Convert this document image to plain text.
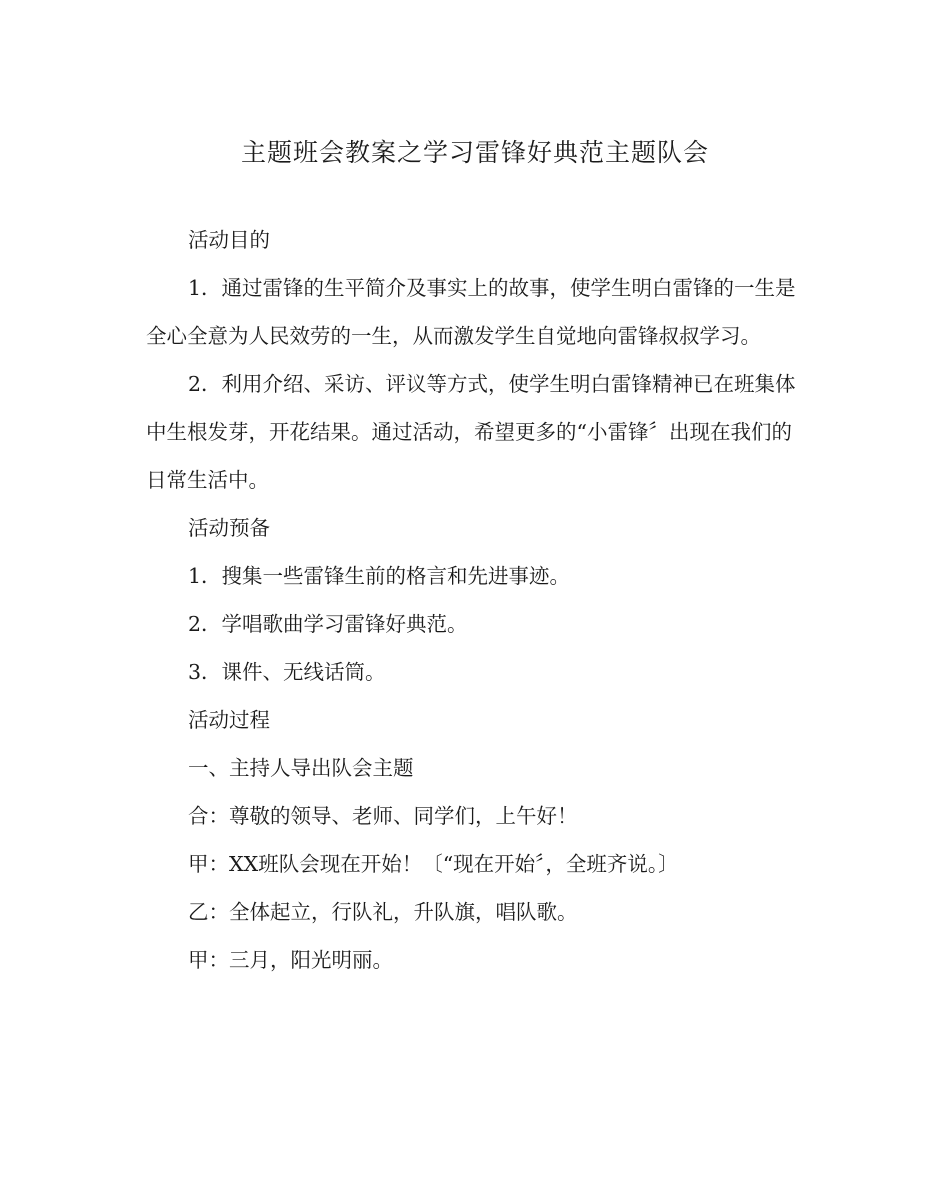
主题班会教案之学习雷锋好典范主题队会

活动目的

1．通过雷锋的生平简介及事实上的故事，使学生明白雷锋的一生是全心全意为人民效劳的一生，从而激发学生自觉地向雷锋叔叔学习。

2．利用介绍、采访、评议等方式，使学生明白雷锋精神已在班集体中生根发芽，开花结果。通过活动，希望更多的“小雷锋〞出现在我们的日常生活中。

活动预备

1．搜集一些雷锋生前的格言和先进事迹。

2．学唱歌曲学习雷锋好典范。

3．课件、无线话筒。

活动过程

一、主持人导出队会主题

合：尊敬的领导、老师、同学们，上午好！

甲：XX班队会现在开始！〔“现在开始〞，全班齐说。〕

乙：全体起立，行队礼，升队旗，唱队歌。

甲：三月，阳光明丽。
